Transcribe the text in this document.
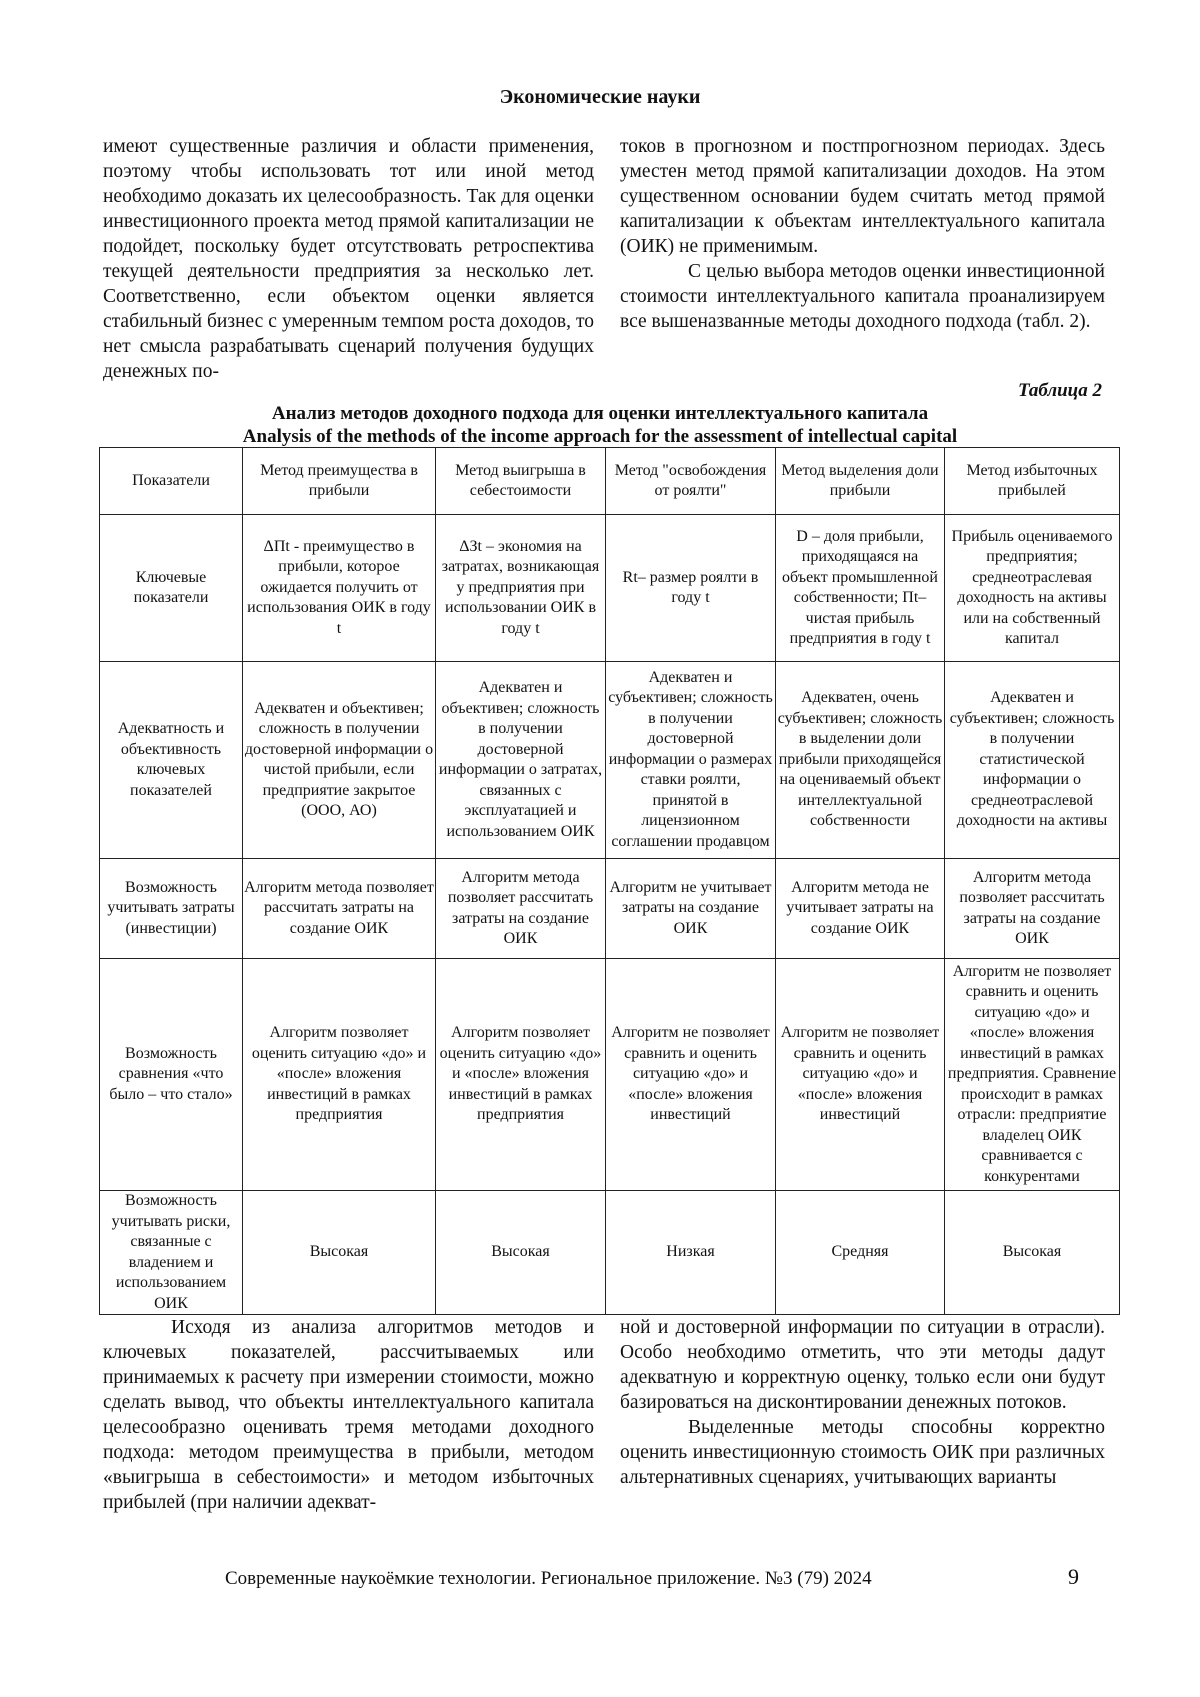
Экономические науки

имеют существенные различия и области применения, поэтому чтобы использовать тот или иной метод необходимо доказать их целесообразность. Так для оценки инвестиционного проекта метод прямой капитализации не подойдет, поскольку будет отсутствовать ретроспектива текущей деятельности предприятия за несколько лет. Соответственно, если объектом оценки является стабильный бизнес с умеренным темпом роста доходов, то нет смысла разрабатывать сценарий получения будущих денежных по-

токов в прогнозном и постпрогнозном периодах. Здесь уместен метод прямой капитализации доходов. На этом существенном основании будем считать метод прямой капитализации к объектам интеллектуального капитала (ОИК) не применимым.

С целью выбора методов оценки инвестиционной стоимости интеллектуального капитала проанализируем все вышеназванные методы доходного подхода (табл. 2).

Таблица 2
Анализ методов доходного подхода для оценки интеллектуального капитала
Analysis of the methods of the income approach for the assessment of intellectual capital
Показатели	Метод преимущества в прибыли	Метод выигрыша в себестоимости	Метод "освобождения от роялти"	Метод выделения доли прибыли	Метод избыточных прибылей
Ключевые показатели	ΔПt - преимущество в прибыли, которое ожидается получить от использования ОИК в году t	ΔЗt – экономия на затратах, возникающая у предприятия при использовании ОИК в году t	Rt– размер роялти в году t	D – доля прибыли, приходящаяся на объект промышленной собственности; Пt– чистая прибыль предприятия в году t	Прибыль оцениваемого предприятия; среднеотраслевая доходность на активы или на собственный капитал
Адекватность и объективность ключевых показателей	Адекватен и объективен; сложность в получении достоверной информации о чистой прибыли, если предприятие закрытое (ООО, АО)	Адекватен и объективен; сложность в получении достоверной информации о затратах, связанных с эксплуатацией и использованием ОИК	Адекватен и субъективен; сложность в получении достоверной информации о размерах ставки роялти, принятой в лицензионном соглашении продавцом	Адекватен, очень субъективен; сложность в выделении доли прибыли приходящейся на оцениваемый объект интеллектуальной собственности	Адекватен и субъективен; сложность в получении статистической информации о среднеотраслевой доходности на активы
Возможность учитывать затраты (инвестиции)	Алгоритм метода позволяет рассчитать затраты на создание ОИК	Алгоритм метода позволяет рассчитать затраты на создание ОИК	Алгоритм не учитывает затраты на создание ОИК	Алгоритм метода не учитывает затраты на создание ОИК	Алгоритм метода позволяет рассчитать затраты на создание ОИК
Возможность сравнения «что было – что стало»	Алгоритм позволяет оценить ситуацию «до» и «после» вложения инвестиций в рамках предприятия	Алгоритм позволяет оценить ситуацию «до» и «после» вложения инвестиций в рамках предприятия	Алгоритм не позволяет сравнить и оценить ситуацию «до» и «после» вложения инвестиций	Алгоритм не позволяет сравнить и оценить ситуацию «до» и «после» вложения инвестиций	Алгоритм не позволяет сравнить и оценить ситуацию «до» и «после» вложения инвестиций в рамках предприятия. Сравнение происходит в рамках отрасли: предприятие владелец ОИК сравнивается с конкурентами
Возможность учитывать риски, связанные с владением и использованием ОИК	Высокая	Высокая	Низкая	Средняя	Высокая

Исходя из анализа алгоритмов методов и ключевых показателей, рассчитываемых или принимаемых к расчету при измерении стоимости, можно сделать вывод, что объекты интеллектуального капитала целесообразно оценивать тремя методами доходного подхода: методом преимущества в прибыли, методом «выигрыша в себестоимости» и методом избыточных прибылей (при наличии адекват-

ной и достоверной информации по ситуации в отрасли). Особо необходимо отметить, что эти методы дадут адекватную и корректную оценку, только если они будут базироваться на дисконтировании денежных потоков.

Выделенные методы способны корректно оценить инвестиционную стоимость ОИК при различных альтернативных сценариях, учитывающих варианты

Современные наукоёмкие технологии. Региональное приложение. №3 (79) 2024	9
